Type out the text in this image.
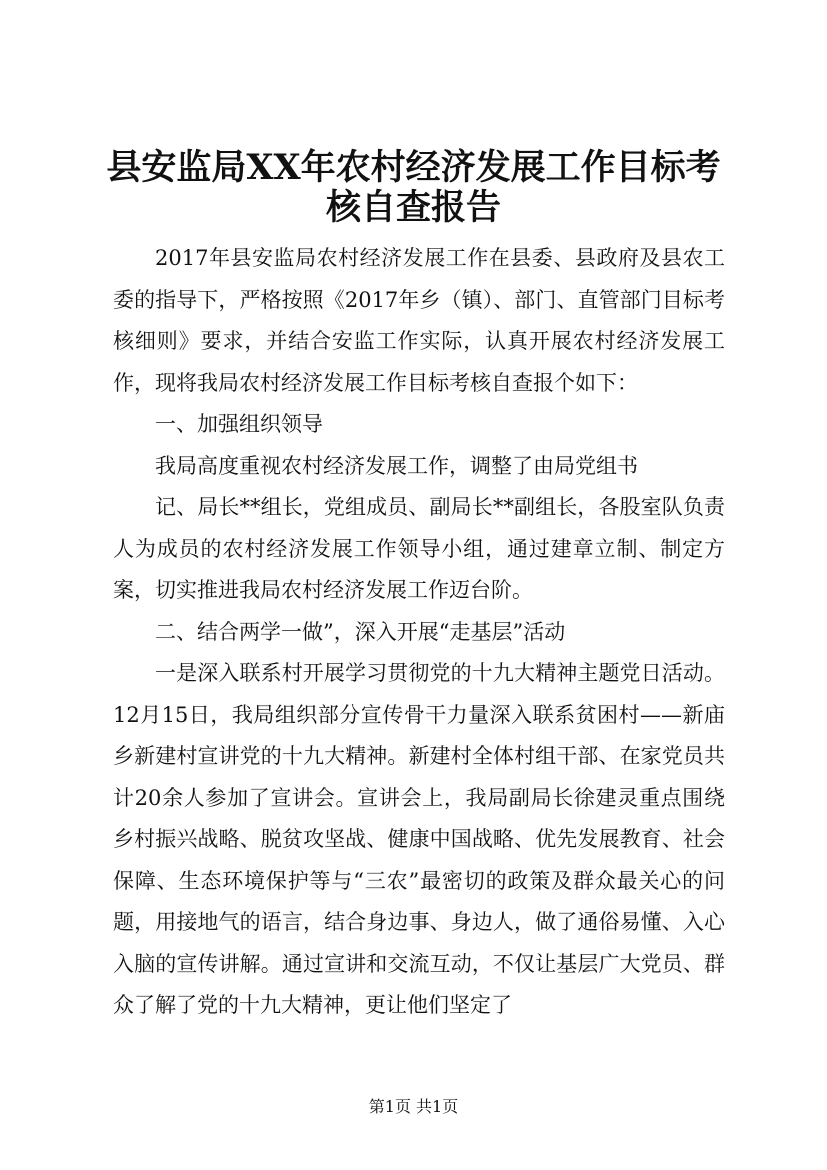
县安监局XX年农村经济发展工作目标考核自查报告

2017年县安监局农村经济发展工作在县委、县政府及县农工委的指导下，严格按照《2017年乡（镇）、部门、直管部门目标考核细则》要求，并结合安监工作实际，认真开展农村经济发展工作，现将我局农村经济发展工作目标考核自查报个如下：

一、加强组织领导

我局高度重视农村经济发展工作，调整了由局党组书

记、局长**组长，党组成员、副局长**副组长，各股室队负责人为成员的农村经济发展工作领导小组，通过建章立制、制定方案，切实推进我局农村经济发展工作迈台阶。

二、结合两学一做”，深入开展“走基层”活动

一是深入联系村开展学习贯彻党的十九大精神主题党日活动。12月15日，我局组织部分宣传骨干力量深入联系贫困村——新庙乡新建村宣讲党的十九大精神。新建村全体村组干部、在家党员共计20余人参加了宣讲会。宣讲会上，我局副局长徐建灵重点围绕乡村振兴战略、脱贫攻坚战、健康中国战略、优先发展教育、社会保障、生态环境保护等与“三农”最密切的政策及群众最关心的问题，用接地气的语言，结合身边事、身边人，做了通俗易懂、入心入脑的宣传讲解。通过宣讲和交流互动，不仅让基层广大党员、群众了解了党的十九大精神，更让他们坚定了

第1页 共1页
